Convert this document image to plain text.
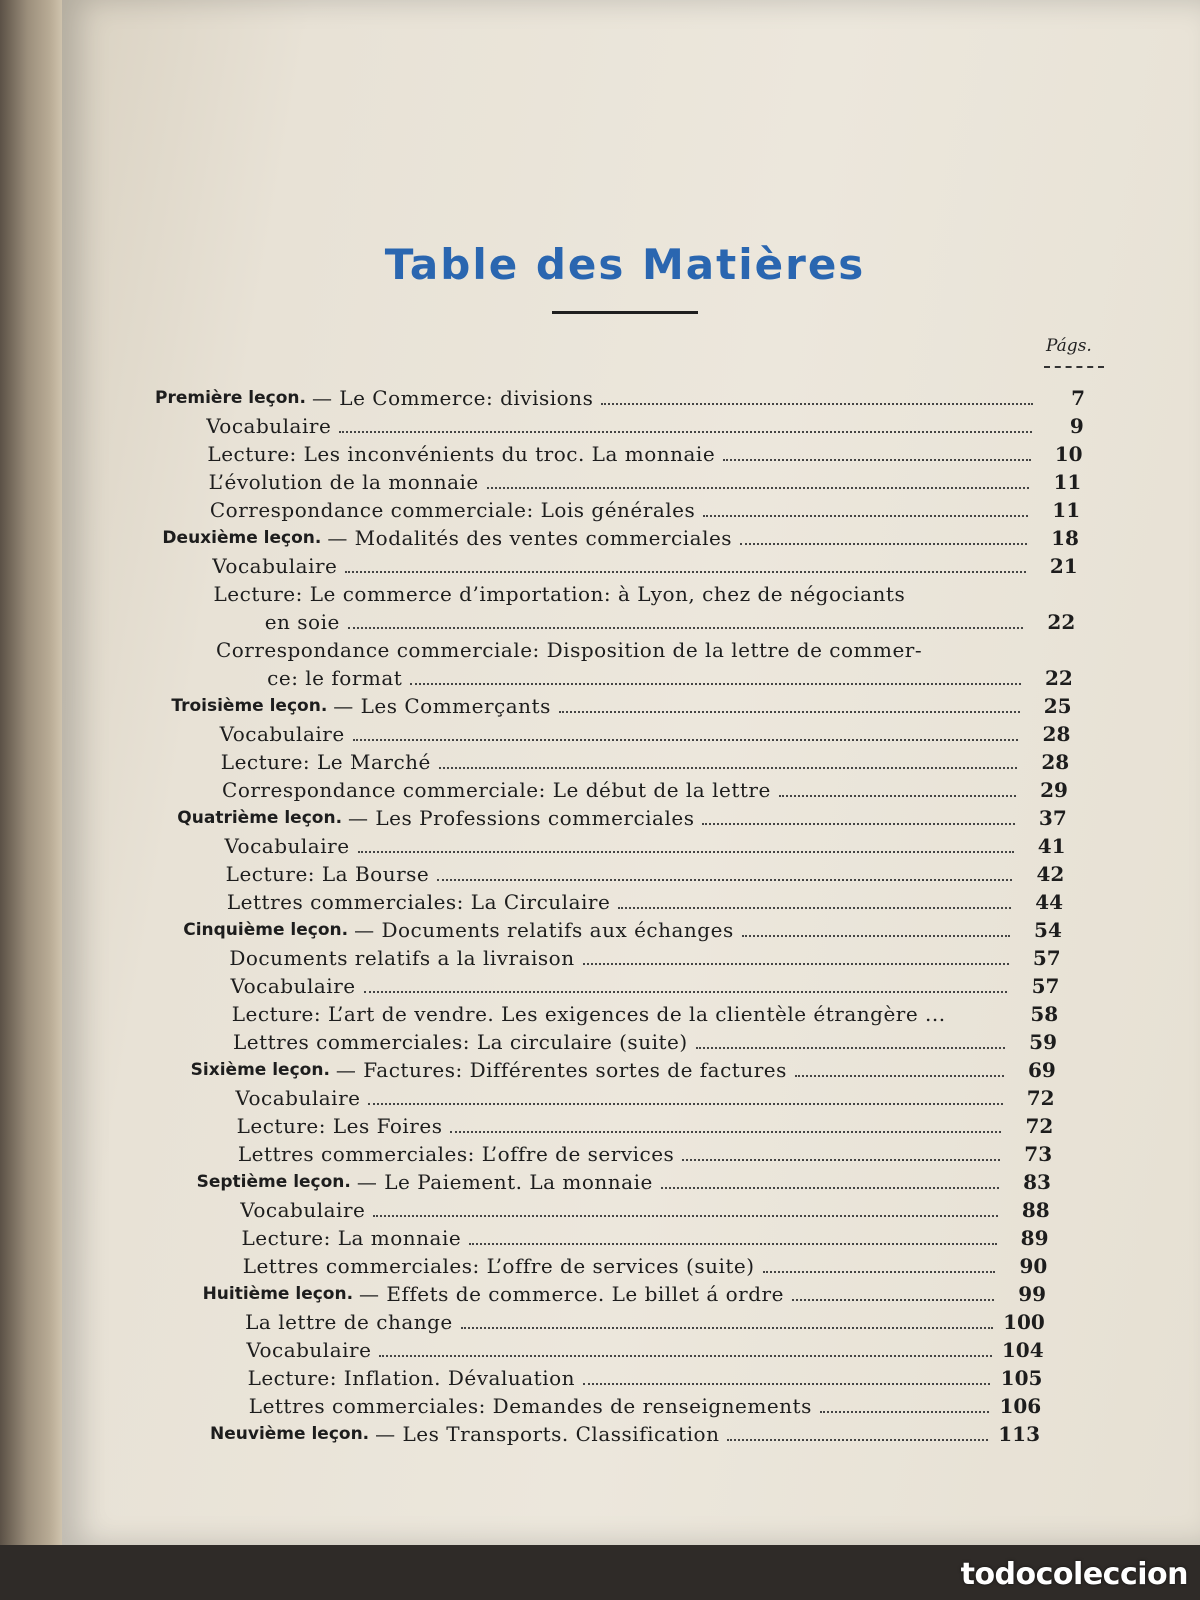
Table des Matières
Págs.
Première leçon. — Le Commerce: divisions	7
Vocabulaire	9
Lecture: Les inconvénients du troc. La monnaie	10
L’évolution de la monnaie	11
Correspondance commerciale: Lois générales	11
Deuxième leçon. — Modalités des ventes commerciales	18
Vocabulaire	21
Lecture: Le commerce d’importation: à Lyon, chez de négociants
en soie	22
Correspondance commerciale: Disposition de la lettre de commer-
ce: le format	22
Troisième leçon. — Les Commerçants	25
Vocabulaire	28
Lecture: Le Marché	28
Correspondance commerciale: Le début de la lettre	29
Quatrième leçon. — Les Professions commerciales	37
Vocabulaire	41
Lecture: La Bourse	42
Lettres commerciales: La Circulaire	44
Cinquième leçon. — Documents relatifs aux échanges	54
Documents relatifs a la livraison	57
Vocabulaire	57
Lecture: L’art de vendre. Les exigences de la clientèle étrangère ...	58
Lettres commerciales: La circulaire (suite)	59
Sixième leçon. — Factures: Différentes sortes de factures	69
Vocabulaire	72
Lecture: Les Foires	72
Lettres commerciales: L’offre de services	73
Septième leçon. — Le Paiement. La monnaie	83
Vocabulaire	88
Lecture: La monnaie	89
Lettres commerciales: L’offre de services (suite)	90
Huitième leçon. — Effets de commerce. Le billet á ordre	99
La lettre de change	100
Vocabulaire	104
Lecture: Inflation. Dévaluation	105
Lettres commerciales: Demandes de renseignements	106
Neuvième leçon. — Les Transports. Classification	113
todocoleccion
